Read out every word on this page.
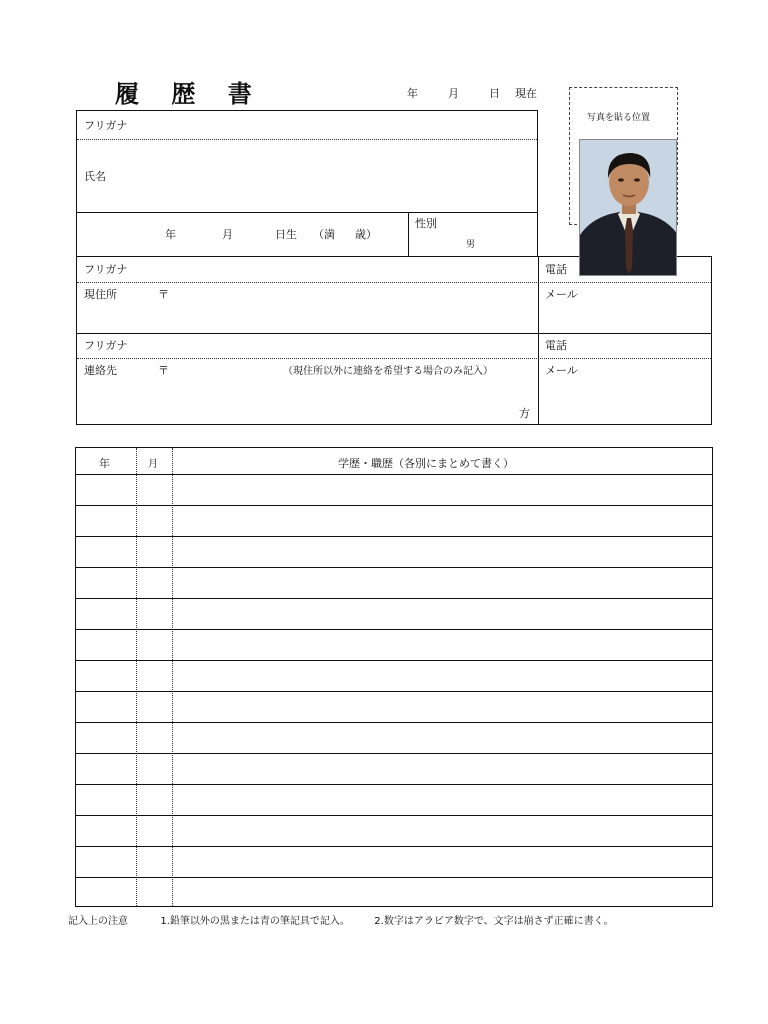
履 歴 書	年	月	日 現在
写真を貼る位置
フリガナ
氏名
年	月	日生 （満 歳）
性別
男
フリガナ	電話
現住所	〒	メール
フリガナ	電話
連絡先	〒	（現住所以外に連絡を希望する場合のみ記入）	メール
方
年	月	学歴・職歴（各別にまとめて書く）
記入上の注意	1.鉛筆以外の黒または青の筆記具で記入。 2.数字はアラビア数字で、文字は崩さず正確に書く。
